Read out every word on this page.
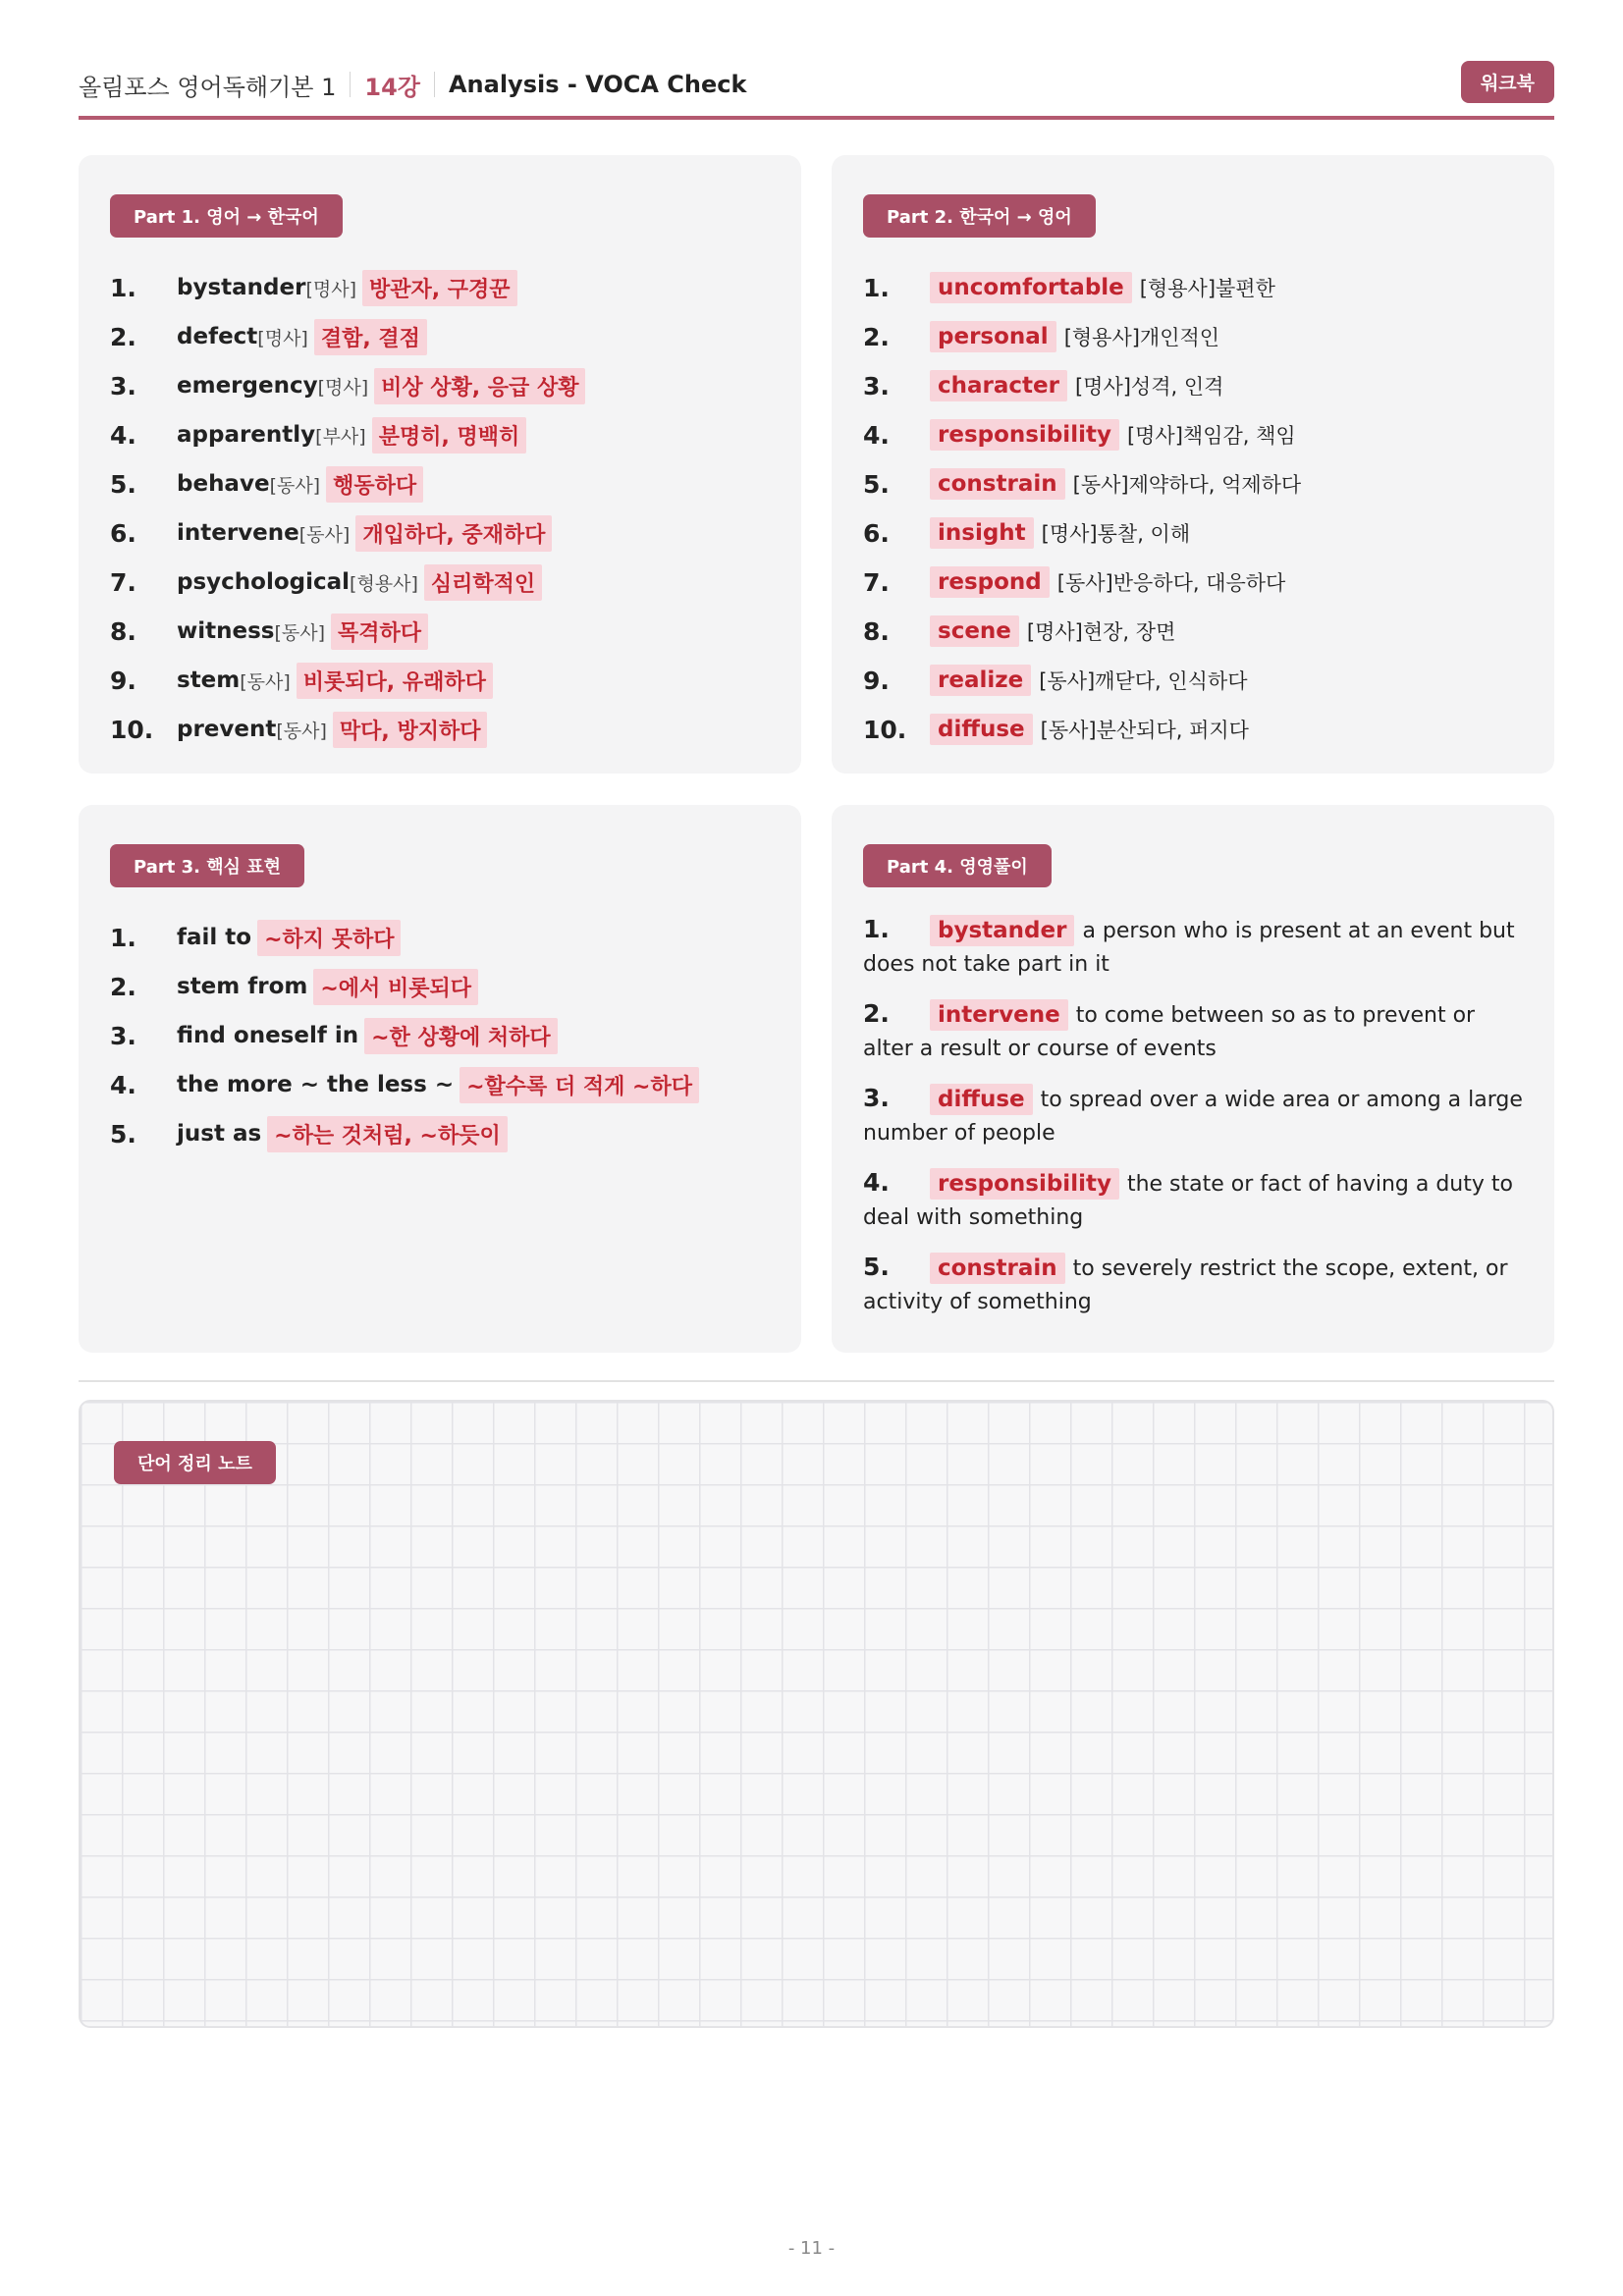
올림포스 영어독해기본 1 14강 Analysis - VOCA Check	워크북
Part 1. 영어 → 한국어
1.	bystander [명사] 방관자, 구경꾼
2.	defect [명사] 결함, 결점
3.	emergency [명사] 비상 상황, 응급 상황
4.	apparently [부사] 분명히, 명백히
5.	behave [동사] 행동하다
6.	intervene [동사] 개입하다, 중재하다
7.	psychological [형용사] 심리학적인
8.	witness [동사] 목격하다
9.	stem [동사] 비롯되다, 유래하다
10.	prevent [동사] 막다, 방지하다
Part 2. 한국어 → 영어
1.	uncomfortable [형용사]불편한
2.	personal [형용사]개인적인
3.	character [명사]성격, 인격
4.	responsibility [명사]책임감, 책임
5.	constrain [동사]제약하다, 억제하다
6.	insight [명사]통찰, 이해
7.	respond [동사]반응하다, 대응하다
8.	scene [명사]현장, 장면
9.	realize [동사]깨닫다, 인식하다
10.	diffuse [동사]분산되다, 퍼지다
Part 3. 핵심 표현
1.	fail to ~하지 못하다
2.	stem from ~에서 비롯되다
3.	find oneself in ~한 상황에 처하다
4.	the more ~ the less ~ ~할수록 더 적게 ~하다
5.	just as ~하는 것처럼, ~하듯이
Part 4. 영영풀이
1. bystander a person who is present at an event but does not take part in it
2. intervene to come between so as to prevent or alter a result or course of events
3. diffuse to spread over a wide area or among a large number of people
4. responsibility the state or fact of having a duty to deal with something
5. constrain to severely restrict the scope, extent, or activity of something
단어 정리 노트
- 11 -
